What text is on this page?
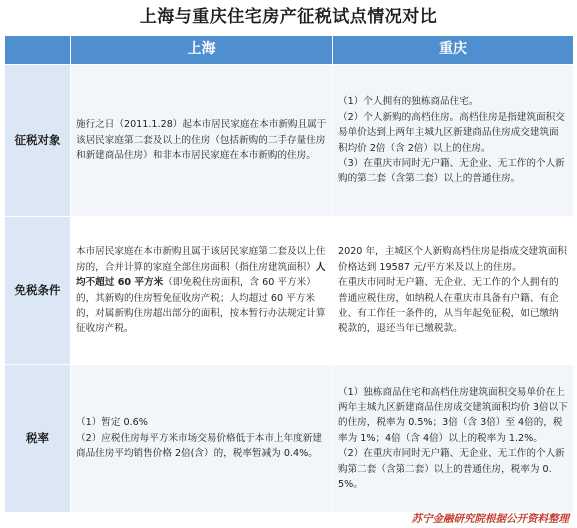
上海与重庆住宅房产征税试点情况对比
	上海	重庆
征税对象	施行之日（2011.1.28）起本市居民家庭在本市新购且属于该居民家庭第二套及以上的住房（包括新购的二手存量住房和新建商品住房）和非本市居民家庭在本市新购的住房。	（1）个人拥有的独栋商品住宅。
（2）个人新购的高档住房。高档住房是指建筑面积交易单价达到上两年主城九区新建商品住房成交建筑面积均价 2倍（含 2倍）以上的住房。
（3）在重庆市同时无户籍、无企业、无工作的个人新购的第二套（含第二套）以上的普通住房。

免税条件	本市居民家庭在本市新购且属于该居民家庭第二套及以上住房的，合并计算的家庭全部住房面积（指住房建筑面积）人均不超过 60 平方米（即免税住房面积，含 60 平方米）的，其新购的住房暂免征收房产税；人均超过 60 平方米的，对属新购住房超出部分的面积，按本暂行办法规定计算征收房产税。	2020 年，主城区个人新购高档住房是指成交建筑面积价格达到 19587 元/平方米及以上的住房。
在重庆市同时无户籍、无企业、无工作的个人拥有的普通应税住房，如纳税人在重庆市具备有户籍、有企业、有工作任一条件的，从当年起免征税，如已缴纳税款的，退还当年已缴税款。

税率	（1）暂定 0.6%
（2）应税住房每平方米市场交易价格低于本市上年度新建商品住房平均销售价格 2倍(含）的，税率暂减为 0.4%。	（1）独栋商品住宅和高档住房建筑面积交易单价在上两年主城九区新建商品住房成交建筑面积均价 3倍以下的住房，税率为 0.5%；3倍（含 3倍）至 4倍的，税率为 1%；4倍（含 4倍）以上的税率为 1.2%。
（2）在重庆市同时无户籍、无企业、无工作的个人新购第二套（含第二套）以上的普通住房，税率为 0.5%。
苏宁金融研究院根据公开资料整理
